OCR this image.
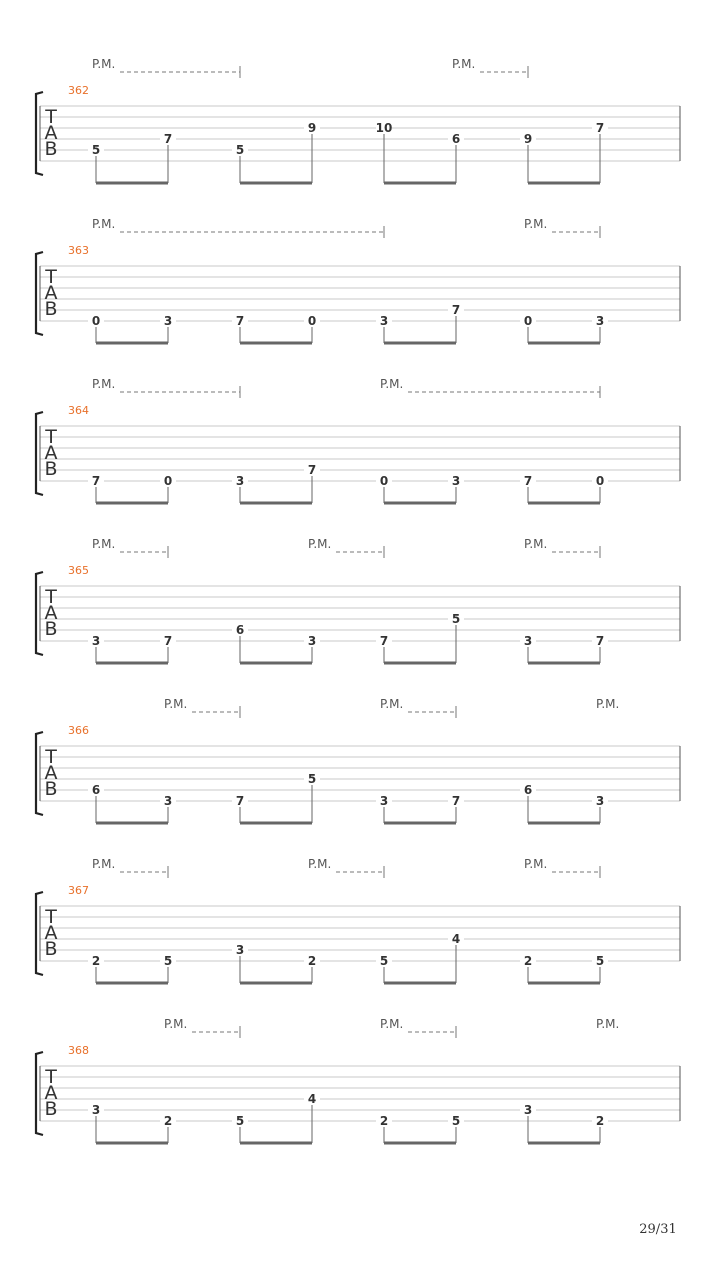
T
A
B
362
P.M.	P.M.
5
7
5
9	10
6	9
7
T
A
B
363
P.M.	P.M.
0	3	7	0	3
7
0	3
T
A
B
364
P.M.	P.M.
7	0	3
7
0	3	7	0
T
A
B
365
P.M.	P.M.	P.M.
3	7
6
3	7
5
3	7
T
A
B
366
P.M.	P.M.	P.M.
6
3	7
5
3	7
6
3
T
A
B
367
P.M.	P.M.	P.M.
2	5
3
2	5
4
2	5
T
A
B
368
P.M.	P.M.	P.M.
3
2	5
4
2	5
3
2
29/31
